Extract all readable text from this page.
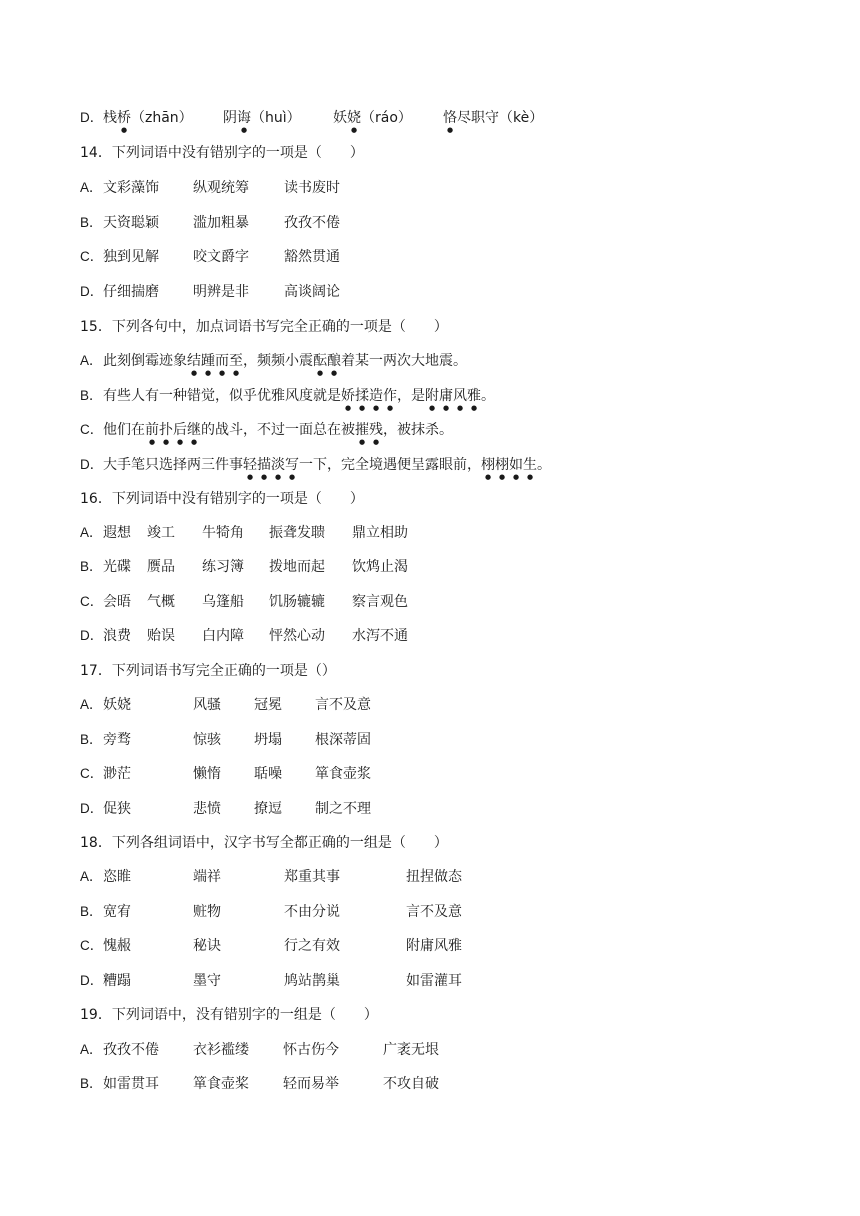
D． 栈桥（zhān） 阴诲（huì） 妖娆（ráo） 恪尽职守（kè）
14．下列词语中没有错别字的一项是（　　）
A． 文彩藻饰 纵观统筹	读书废时
B． 天资聪颖 滥加粗暴	孜孜不倦
C． 独到见解 咬文爵字	豁然贯通
D． 仔细揣磨 明辨是非	高谈阔论
15．下列各句中，加点词语书写完全正确的一项是（　　）
A． 此刻倒霉迹象结踵而至，频频小震酝酿着某一两次大地震。
B． 有些人有一种错觉，似乎优雅风度就是娇揉造作，是附庸风雅。
C． 他们在前扑后继的战斗，不过一面总在被摧残，被抹杀。
D． 大手笔只选择两三件事轻描淡写一下，完全境遇便呈露眼前，栩栩如生。
16．下列词语中没有错别字的一项是（　　）
A． 遐想 竣工 牛犄角 振聋发聩 鼎立相助
B． 光碟 赝品 练习簿 拨地而起 饮鸩止渴
C． 会晤 气概 乌篷船 饥肠辘辘 察言观色
D． 浪费 贻误 白内障 怦然心动 水泻不通
17．下列词语书写完全正确的一项是（）
A． 妖娆	风骚 冠冕 言不及意
B． 旁骛	惊骇 坍塌 根深蒂固
C． 渺茫	懒惰 聒噪 箪食壶浆
D． 促狭	悲愤 撩逗 制之不理
18．下列各组词语中，汉字书写全都正确的一组是（　　）
A． 恣睢	端祥	郑重其事	扭捏做态
B． 宽宥	赃物	不由分说	言不及意
C． 愧赧	秘诀	行之有效	附庸风雅
D． 糟蹋	墨守	鸠站鹊巢	如雷灌耳
19．下列词语中，没有错别字的一组是（　　）
A． 孜孜不倦 衣衫褴缕 怀古伤今	广袤无垠
B． 如雷贯耳 箪食壶桨 轻而易举	不攻自破
